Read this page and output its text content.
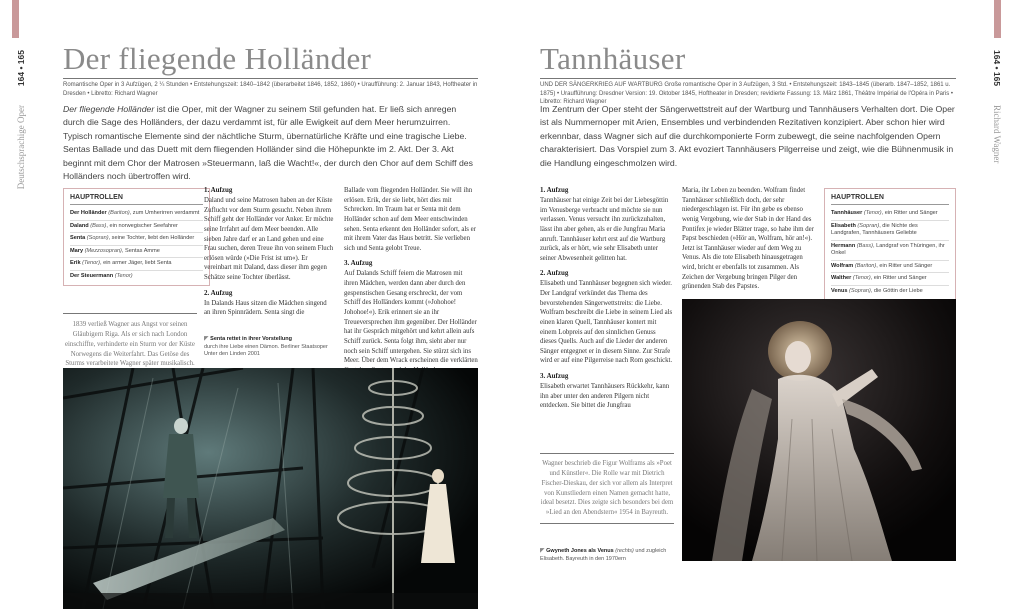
164 • 165
Deutschsprachige Oper
Der fliegende Holländer
Romantische Oper in 3 Aufzügen, 2 ¼ Stunden • Entstehungszeit: 1840–1842 (überarbeitet 1846, 1852, 1860) • Uraufführung: 2. Januar 1843, Hoftheater in Dresden • Libretto: Richard Wagner
Der fliegende Holländer ist die Oper, mit der Wagner zu seinem Stil gefunden hat. Er ließ sich anregen durch die Sage des Holländers, der dazu verdammt ist, für alle Ewigkeit auf dem Meer herumzuirren. Typisch romantische Elemente sind der nächtliche Sturm, übernatürliche Kräfte und eine tragische Liebe. Sentas Ballade und das Duett mit dem fliegenden Holländer sind die Höhepunkte im 2. Akt. Der 3. Akt beginnt mit dem Chor der Matrosen »Steuermann, laß die Wacht!«, der durch den Chor auf dem Schiff des Holländers noch übertroffen wird.
HAUPTROLLEN
Der Holländer (Bariton), zum Umherirren verdammt
Daland (Bass), ein norwegischer Seefahrer
Senta (Sopran), seine Tochter, liebt den Holländer
Mary (Mezzosopran), Sentas Amme
Erik (Tenor), ein armer Jäger, liebt Senta
Der Steuermann (Tenor)
1839 verließ Wagner aus Angst vor seinen Gläubigern Riga. Als er sich nach London einschiffte, verhinderte ein Sturm vor der Küste Norwegens die Weiterfahrt. Das Getöse des Sturms verarbeitete Wagner später musikalisch.
1. Aufzug

Daland und seine Matrosen haben an der Küste Zuflucht vor dem Sturm gesucht. Neben ihrem Schiff geht der Holländer vor Anker. Er möchte seine Irrfahrt auf dem Meer beenden. Alle sieben Jahre darf er an Land gehen und eine Frau suchen, deren Treue ihn von seinem Fluch erlösen würde (»Die Frist ist um«). Er vereinbart mit Daland, dass dieser ihm gegen Schätze seine Tochter überlässt.

2. Aufzug

In Dalands Haus sitzen die Mädchen singend an ihren Spinnrädern. Senta singt die

◤ Senta rettet in ihrer Vorstellung
durch ihre Liebe einen Dämon. Berliner Staatsoper Unter den Linden 2001

Ballade vom fliegenden Holländer. Sie will ihn erlösen. Erik, der sie liebt, hört dies mit Schrecken. Im Traum hat er Senta mit dem Holländer schon auf dem Meer entschwinden sehen. Senta erkennt den Holländer sofort, als er mit ihrem Vater das Haus betritt. Sie verlieben sich und Senta gelobt Treue.

3. Aufzug

Auf Dalands Schiff feiern die Matrosen mit ihren Mädchen, werden dann aber durch den gespenstischen Gesang erschreckt, der vom Schiff des Holländers kommt (»Johohoe! Johohoe!«). Erik erinnert sie an ihr Treueversprechen ihm gegenüber. Der Holländer hat ihr Gespräch mitgehört und kehrt allein aufs Schiff zurück. Senta folgt ihm, sieht aber nur noch sein Schiff untergehen. Sie stürzt sich ins Meer. Über dem Wrack erscheinen die verklärten

164 • 165
Richard Wagner
Tannhäuser
UND DER SÄNGERKRIEG AUF WARTBURG Große romantische Oper in 3 Aufzügen, 3 Std. • Entstehungszeit: 1843–1845 (überarb. 1847–1852, 1861 u. 1875) • Uraufführung: Dresdner Version: 19. Oktober 1845, Hoftheater in Dresden; revidierte Fassung: 13. März 1861, Théâtre Impérial de l'Opéra in Paris • Libretto: Richard Wagner
Im Zentrum der Oper steht der Sängerwettstreit auf der Wartburg und Tannhäusers Verhalten dort. Die Oper ist als Nummernoper mit Arien, Ensembles und verbindenden Rezitativen konzipiert. Aber schon hier wird erkennbar, dass Wagner sich auf die durchkomponierte Form zubewegt, die seine nachfolgenden Opern charakterisiert. Das Vorspiel zum 3. Akt evoziert Tannhäusers Pilgerreise und zeigt, wie die Bühnenmusik in die Handlung eingeschmolzen wird.
1. Aufzug

Tannhäuser hat einige Zeit bei der Liebesgöttin im Venusberge verbracht und möchte sie nun verlassen. Venus versucht ihn zurückzuhalten, lässt ihn aber gehen, als er die Jungfrau Maria anruft. Tannhäuser kehrt erst auf die Wartburg zurück, als er hört, wie sehr Elisabeth unter seiner Abwesenheit gelitten hat.

2. Aufzug

Elisabeth und Tannhäuser begegnen sich wieder. Der Landgraf verkündet das Thema des bevorstehenden Sängerwettstreits: die Liebe. Wolfram beschreibt die Liebe in seinem Lied als einen klaren Quell, Tannhäuser kontert mit einem Lobpreis auf den sinnlichen Genuss dieses Quells. Auch auf die Lieder der anderen Sänger entgegnet er in diesem Sinne. Zur Strafe wird er auf eine Pilgerreise nach Rom geschickt.

3. Aufzug

Elisabeth erwartet Tannhäusers Rückkehr, kann ihn aber unter den anderen Pilgern nicht entdecken. Sie bittet die Jungfrau

Maria, ihr Leben zu beenden. Wolfram findet Tannhäuser schließlich doch, der sehr niedergeschlagen ist. Für ihn gebe es ebenso wenig Vergebung, wie der Stab in der Hand des Pontifex je wieder Blätter trage, so habe ihm der Papst beschieden (»Hör an, Wolfram, hör an!«). Jetzt ist Tannhäuser wieder auf dem Weg zu Venus. Als die tote Elisabeth hinausgetragen wird, bricht er ebenfalls tot zusammen. Als Zeichen der Vergebung bringen Pilger den grünenden Stab des Papstes.

HAUPTROLLEN
Tannhäuser (Tenor), ein Ritter und Sänger
Elisabeth (Sopran), die Nichte des Landgrafen, Tannhäusers Geliebte
Hermann (Bass), Landgraf von Thüringen, ihr Onkel
Wolfram (Bariton), ein Ritter und Sänger
Walther (Tenor), ein Ritter und Sänger
Venus (Sopran), die Göttin der Liebe
Wagner beschrieb die Figur Wolframs als »Poet und Künstler«. Die Rolle war mit Dietrich Fischer-Dieskau, der sich vor allem als Interpret von Kunstliedern einen Namen gemacht hatte, ideal besetzt. Dies zeigte sich besonders bei dem »Lied an den Abendstern« 1954 in Bayreuth.
◤ Gwyneth Jones als Venus (rechts) und zugleich Elisabeth. Bayreuth in den 1970ern
